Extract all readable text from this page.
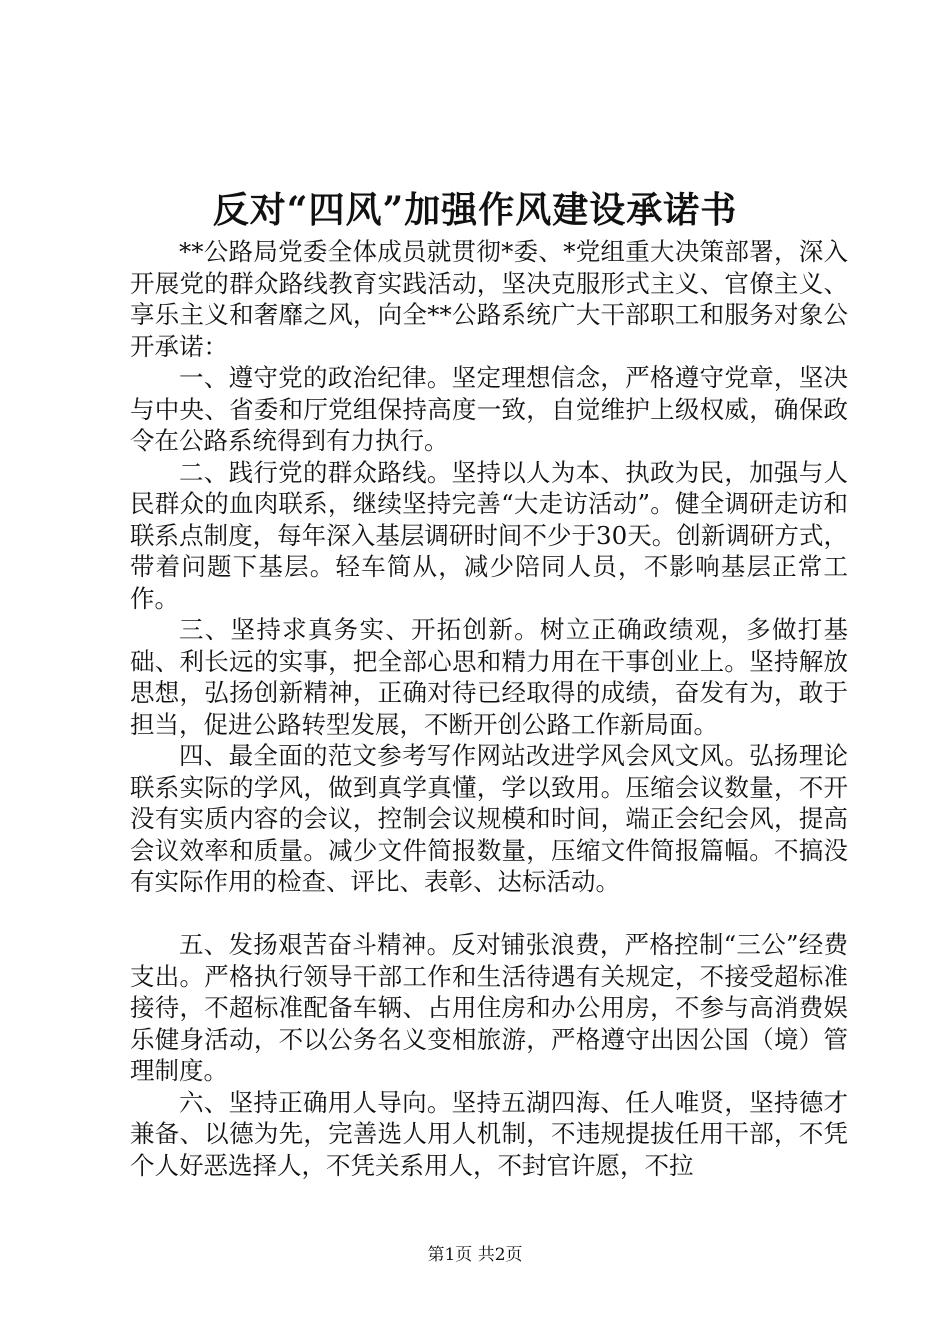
反对“四风”加强作风建设承诺书

**公路局党委全体成员就贯彻*委、*党组重大决策部署，深入开展党的群众路线教育实践活动，坚决克服形式主义、官僚主义、享乐主义和奢靡之风，向全**公路系统广大干部职工和服务对象公开承诺：

一、遵守党的政治纪律。坚定理想信念，严格遵守党章，坚决与中央、省委和厅党组保持高度一致，自觉维护上级权威，确保政令在公路系统得到有力执行。

二、践行党的群众路线。坚持以人为本、执政为民，加强与人民群众的血肉联系，继续坚持完善“大走访活动”。健全调研走访和联系点制度，每年深入基层调研时间不少于30天。创新调研方式，带着问题下基层。轻车简从，减少陪同人员，不影响基层正常工作。

三、坚持求真务实、开拓创新。树立正确政绩观，多做打基础、利长远的实事，把全部心思和精力用在干事创业上。坚持解放思想，弘扬创新精神，正确对待已经取得的成绩，奋发有为，敢于担当，促进公路转型发展，不断开创公路工作新局面。

四、最全面的范文参考写作网站改进学风会风文风。弘扬理论联系实际的学风，做到真学真懂，学以致用。压缩会议数量，不开没有实质内容的会议，控制会议规模和时间，端正会纪会风，提高会议效率和质量。减少文件简报数量，压缩文件简报篇幅。不搞没有实际作用的检查、评比、表彰、达标活动。

五、发扬艰苦奋斗精神。反对铺张浪费，严格控制“三公”经费支出。严格执行领导干部工作和生活待遇有关规定，不接受超标准接待，不超标准配备车辆、占用住房和办公用房，不参与高消费娱乐健身活动，不以公务名义变相旅游，严格遵守出因公国（境）管理制度。

六、坚持正确用人导向。坚持五湖四海、任人唯贤，坚持德才兼备、以德为先，完善选人用人机制，不违规提拔任用干部，不凭个人好恶选择人，不凭关系用人，不封官许愿，不拉

第1页 共2页
